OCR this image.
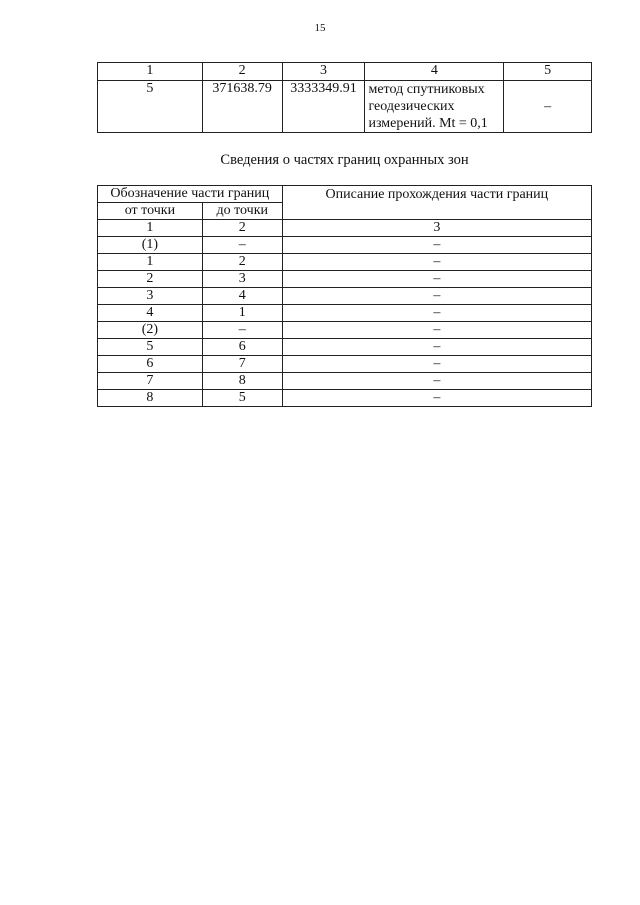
15
1	2	3	4	5
5	371638.79	3333349.91	метод спутниковых
геодезических
измерений. Mt = 0,1	–
Сведения о частях границ охранных зон
Обозначение части границ		Описание прохождения части границ
от точки	до точки	
1	2	3
(1)	–	–
1	2	–
2	3	–
3	4	–
4	1	–
(2)	–	–
5	6	–
6	7	–
7	8	–
8	5	–
